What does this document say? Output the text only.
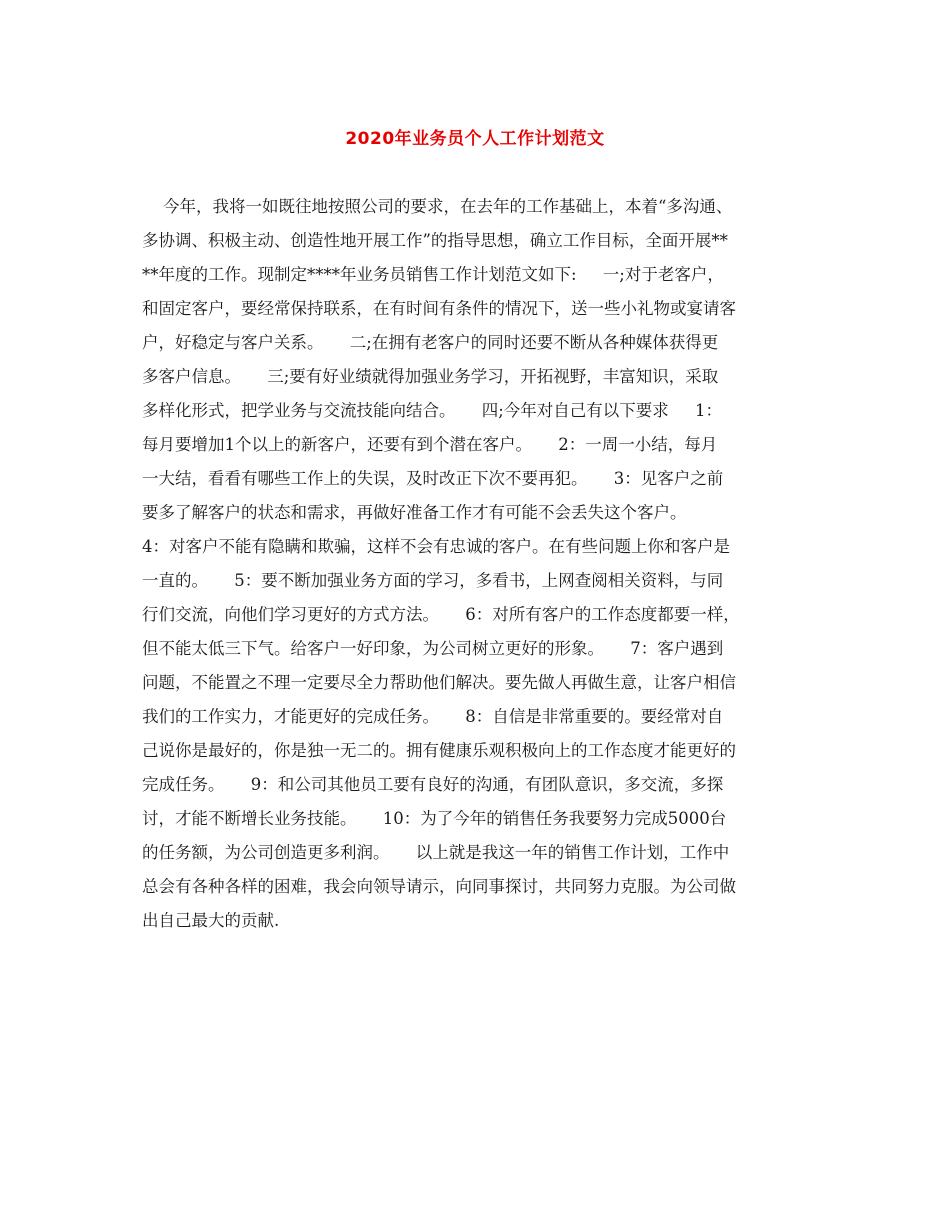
2020年业务员个人工作计划范文
今年，我将一如既往地按照公司的要求，在去年的工作基础上，本着“多沟通、
多协调、积极主动、创造性地开展工作”的指导思想，确立工作目标，全面开展**
**年度的工作。现制定****年业务员销售工作计划范文如下:     一;对于老客户，
和固定客户，要经常保持联系，在有时间有条件的情况下，送一些小礼物或宴请客
户，好稳定与客户关系。     二;在拥有老客户的同时还要不断从各种媒体获得更
多客户信息。     三;要有好业绩就得加强业务学习，开拓视野，丰富知识，采取
多样化形式，把学业务与交流技能向结合。     四;今年对自己有以下要求     1：
每月要增加1个以上的新客户，还要有到个潜在客户。     2：一周一小结，每月
一大结，看看有哪些工作上的失误，及时改正下次不要再犯。     3：见客户之前
要多了解客户的状态和需求，再做好准备工作才有可能不会丢失这个客户。
4：对客户不能有隐瞒和欺骗，这样不会有忠诚的客户。在有些问题上你和客户是
一直的。     5：要不断加强业务方面的学习，多看书，上网查阅相关资料，与同
行们交流，向他们学习更好的方式方法。     6：对所有客户的工作态度都要一样，
但不能太低三下气。给客户一好印象，为公司树立更好的形象。     7：客户遇到
问题，不能置之不理一定要尽全力帮助他们解决。要先做人再做生意，让客户相信
我们的工作实力，才能更好的完成任务。     8：自信是非常重要的。要经常对自
己说你是最好的，你是独一无二的。拥有健康乐观积极向上的工作态度才能更好的
完成任务。     9：和公司其他员工要有良好的沟通，有团队意识，多交流，多探
讨，才能不断增长业务技能。     10：为了今年的销售任务我要努力完成5000台
的任务额，为公司创造更多利润。     以上就是我这一年的销售工作计划，工作中
总会有各种各样的困难，我会向领导请示，向同事探讨，共同努力克服。为公司做
出自己最大的贡献.
